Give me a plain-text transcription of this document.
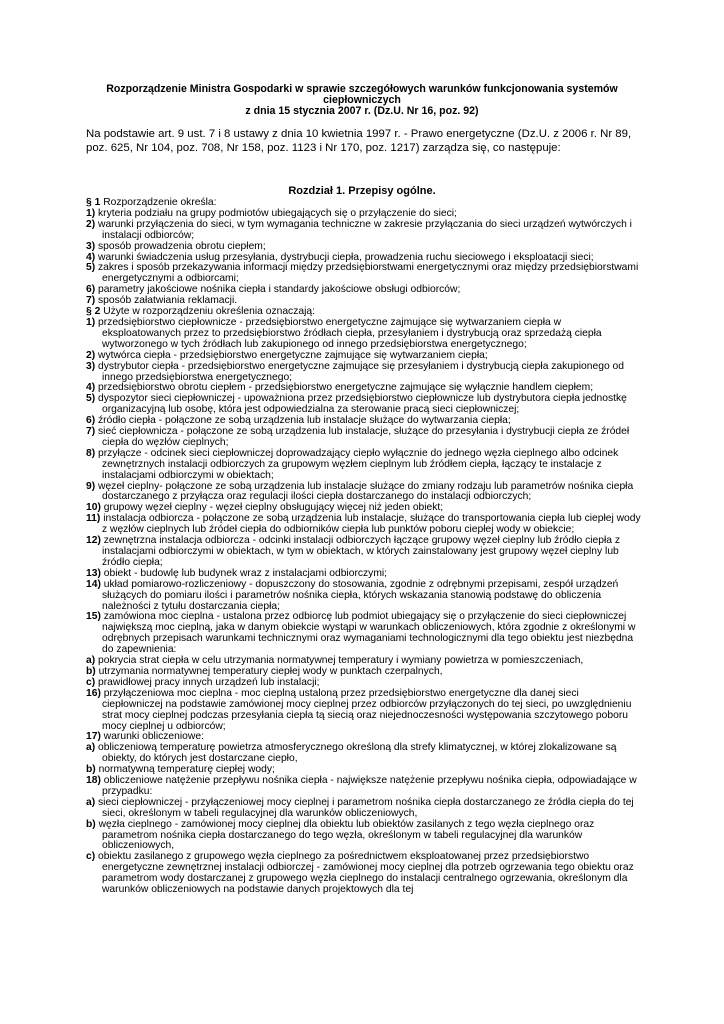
Rozporządzenie Ministra Gospodarki w sprawie szczegółowych warunków funkcjonowania systemów
ciepłowniczych
z dnia 15 stycznia 2007 r. (Dz.U. Nr 16, poz. 92)
Na podstawie art. 9 ust. 7 i 8 ustawy z dnia 10 kwietnia 1997 r. - Prawo energetyczne (Dz.U. z 2006 r. Nr 89, poz. 625, Nr 104, poz. 708, Nr 158, poz. 1123 i Nr 170, poz. 1217) zarządza się, co następuje:
Rozdział 1. Przepisy ogólne.

§ 1 Rozporządzenie określa:

1) kryteria podziału na grupy podmiotów ubiegających się o przyłączenie do sieci;

2) warunki przyłączenia do sieci, w tym wymagania techniczne w zakresie przyłączania do sieci urządzeń wytwórczych i instalacji odbiorców;

3) sposób prowadzenia obrotu ciepłem;

4) warunki świadczenia usług przesyłania, dystrybucji ciepła, prowadzenia ruchu sieciowego i eksploatacji sieci;

5) zakres i sposób przekazywania informacji między przedsiębiorstwami energetycznymi oraz między przedsiębiorstwami energetycznymi a odbiorcami;

6) parametry jakościowe nośnika ciepła i standardy jakościowe obsługi odbiorców;

7) sposób załatwiania reklamacji.

§ 2 Użyte w rozporządzeniu określenia oznaczają:

1) przedsiębiorstwo ciepłownicze - przedsiębiorstwo energetyczne zajmujące się wytwarzaniem ciepła w eksploatowanych przez to przedsiębiorstwo źródłach ciepła, przesyłaniem i dystrybucją oraz sprzedażą ciepła wytworzonego w tych źródłach lub zakupionego od innego przedsiębiorstwa energetycznego;

2) wytwórca ciepła - przedsiębiorstwo energetyczne zajmujące się wytwarzaniem ciepła;

3) dystrybutor ciepła - przedsiębiorstwo energetyczne zajmujące się przesyłaniem i dystrybucją ciepła zakupionego od innego przedsiębiorstwa energetycznego;

4) przedsiębiorstwo obrotu ciepłem - przedsiębiorstwo energetyczne zajmujące się wyłącznie handlem ciepłem;

5) dyspozytor sieci ciepłowniczej - upoważniona przez przedsiębiorstwo ciepłownicze lub dystrybutora ciepła jednostkę organizacyjną lub osobę, która jest odpowiedzialna za sterowanie pracą sieci ciepłowniczej;

6) źródło ciepła - połączone ze sobą urządzenia lub instalacje służące do wytwarzania ciepła;

7) sieć ciepłownicza - połączone ze sobą urządzenia lub instalacje, służące do przesyłania i dystrybucji ciepła ze źródeł ciepła do węzłów cieplnych;

8) przyłącze - odcinek sieci ciepłowniczej doprowadzający ciepło wyłącznie do jednego węzła cieplnego albo odcinek zewnętrznych instalacji odbiorczych za grupowym węzłem cieplnym lub źródłem ciepła, łączący te instalacje z instalacjami odbiorczymi w obiektach;

9) węzeł cieplny- połączone ze sobą urządzenia lub instalacje służące do zmiany rodzaju lub parametrów nośnika ciepła dostarczanego z przyłącza oraz regulacji ilości ciepła dostarczanego do instalacji odbiorczych;

10) grupowy węzeł cieplny - węzeł cieplny obsługujący więcej niż jeden obiekt;

11) instalacja odbiorcza - połączone ze sobą urządzenia lub instalacje, służące do transportowania ciepła lub ciepłej wody z węzłów cieplnych lub źródeł ciepła do odbiorników ciepła lub punktów poboru ciepłej wody w obiekcie;

12) zewnętrzna instalacja odbiorcza - odcinki instalacji odbiorczych łączące grupowy węzeł cieplny lub źródło ciepła z instalacjami odbiorczymi w obiektach, w tym w obiektach, w których zainstalowany jest grupowy węzeł cieplny lub źródło ciepła;

13) obiekt - budowlę lub budynek wraz z instalacjami odbiorczymi;

14) układ pomiarowo-rozliczeniowy - dopuszczony do stosowania, zgodnie z odrębnymi przepisami, zespół urządzeń służących do pomiaru ilości i parametrów nośnika ciepła, których wskazania stanowią podstawę do obliczenia należności z tytułu dostarczania ciepła;

15) zamówiona moc cieplna - ustalona przez odbiorcę lub podmiot ubiegający się o przyłączenie do sieci ciepłowniczej największą moc cieplną, jaka w danym obiekcie wystąpi w warunkach obliczeniowych, która zgodnie z określonymi w odrębnych przepisach warunkami technicznymi oraz wymaganiami technologicznymi dla tego obiektu jest niezbędna do zapewnienia:

a) pokrycia strat ciepła w celu utrzymania normatywnej temperatury i wymiany powietrza w pomieszczeniach,

b) utrzymania normatywnej temperatury ciepłej wody w punktach czerpalnych,

c) prawidłowej pracy innych urządzeń lub instalacji;

16) przyłączeniowa moc cieplna - moc cieplną ustaloną przez przedsiębiorstwo energetyczne dla danej sieci ciepłowniczej na podstawie zamówionej mocy cieplnej przez odbiorców przyłączonych do tej sieci, po uwzględnieniu strat mocy cieplnej podczas przesyłania ciepła tą siecią oraz niejednoczesności występowania szczytowego poboru mocy cieplnej u odbiorców;

17) warunki obliczeniowe:

a) obliczeniową temperaturę powietrza atmosferycznego określoną dla strefy klimatycznej, w której zlokalizowane są obiekty, do których jest dostarczane ciepło,

b) normatywną temperaturę ciepłej wody;

18) obliczeniowe natężenie przepływu nośnika ciepła - największe natężenie przepływu nośnika ciepła, odpowiadające w przypadku:

a) sieci ciepłowniczej - przyłączeniowej mocy cieplnej i parametrom nośnika ciepła dostarczanego ze źródła ciepła do tej sieci, określonym w tabeli regulacyjnej dla warunków obliczeniowych,

b) węzła cieplnego - zamówionej mocy cieplnej dla obiektu lub obiektów zasilanych z tego węzła cieplnego oraz parametrom nośnika ciepła dostarczanego do tego węzła, określonym w tabeli regulacyjnej dla warunków obliczeniowych,

c) obiektu zasilanego z grupowego węzła cieplnego za pośrednictwem eksploatowanej przez przedsiębiorstwo energetyczne zewnętrznej instalacji odbiorczej - zamówionej mocy cieplnej dla potrzeb ogrzewania tego obiektu oraz parametrom wody dostarczanej z grupowego węzła cieplnego do instalacji centralnego ogrzewania, określonym dla warunków obliczeniowych na podstawie danych projektowych dla tej
